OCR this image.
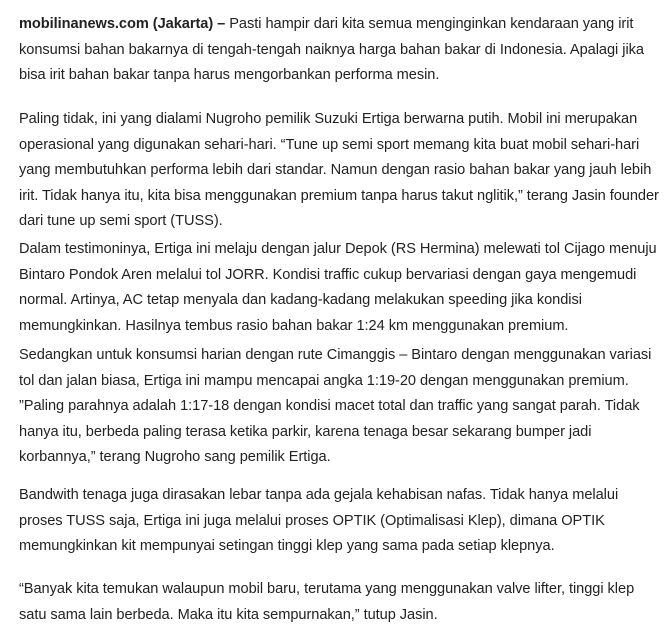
mobilinanews.com (Jakarta) – Pasti hampir dari kita semua menginginkan kendaraan yang irit konsumsi bahan bakarnya di tengah-tengah naiknya harga bahan bakar di Indonesia. Apalagi jika bisa irit bahan bakar tanpa harus mengorbankan performa mesin.

Paling tidak, ini yang dialami Nugroho pemilik Suzuki Ertiga berwarna putih. Mobil ini merupakan operasional yang digunakan sehari-hari. “Tune up semi sport memang kita buat mobil sehari-hari yang membutuhkan performa lebih dari standar. Namun dengan rasio bahan bakar yang jauh lebih irit. Tidak hanya itu, kita bisa menggunakan premium tanpa harus takut nglitik,” terang Jasin founder dari tune up semi sport (TUSS).

Dalam testimoninya, Ertiga ini melaju dengan jalur Depok (RS Hermina) melewati tol Cijago menuju Bintaro Pondok Aren melalui tol JORR. Kondisi traffic cukup bervariasi dengan gaya mengemudi normal. Artinya, AC tetap menyala dan kadang-kadang melakukan speeding jika kondisi memungkinkan. Hasilnya tembus rasio bahan bakar 1:24 km menggunakan premium.

Sedangkan untuk konsumsi harian dengan rute Cimanggis – Bintaro dengan menggunakan variasi tol dan jalan biasa, Ertiga ini mampu mencapai angka 1:19-20 dengan menggunakan premium. ”Paling parahnya adalah 1:17-18 dengan kondisi macet total dan traffic yang sangat parah. Tidak hanya itu, berbeda paling terasa ketika parkir, karena tenaga besar sekarang bumper jadi korbannya,” terang Nugroho sang pemilik Ertiga.

Bandwith tenaga juga dirasakan lebar tanpa ada gejala kehabisan nafas. Tidak hanya melalui proses TUSS saja, Ertiga ini juga melalui proses OPTIK (Optimalisasi Klep), dimana OPTIK memungkinkan kit mempunyai setingan tinggi klep yang sama pada setiap klepnya.

“Banyak kita temukan walaupun mobil baru, terutama yang menggunakan valve lifter, tinggi klep satu sama lain berbeda. Maka itu kita sempurnakan,” tutup Jasin.
